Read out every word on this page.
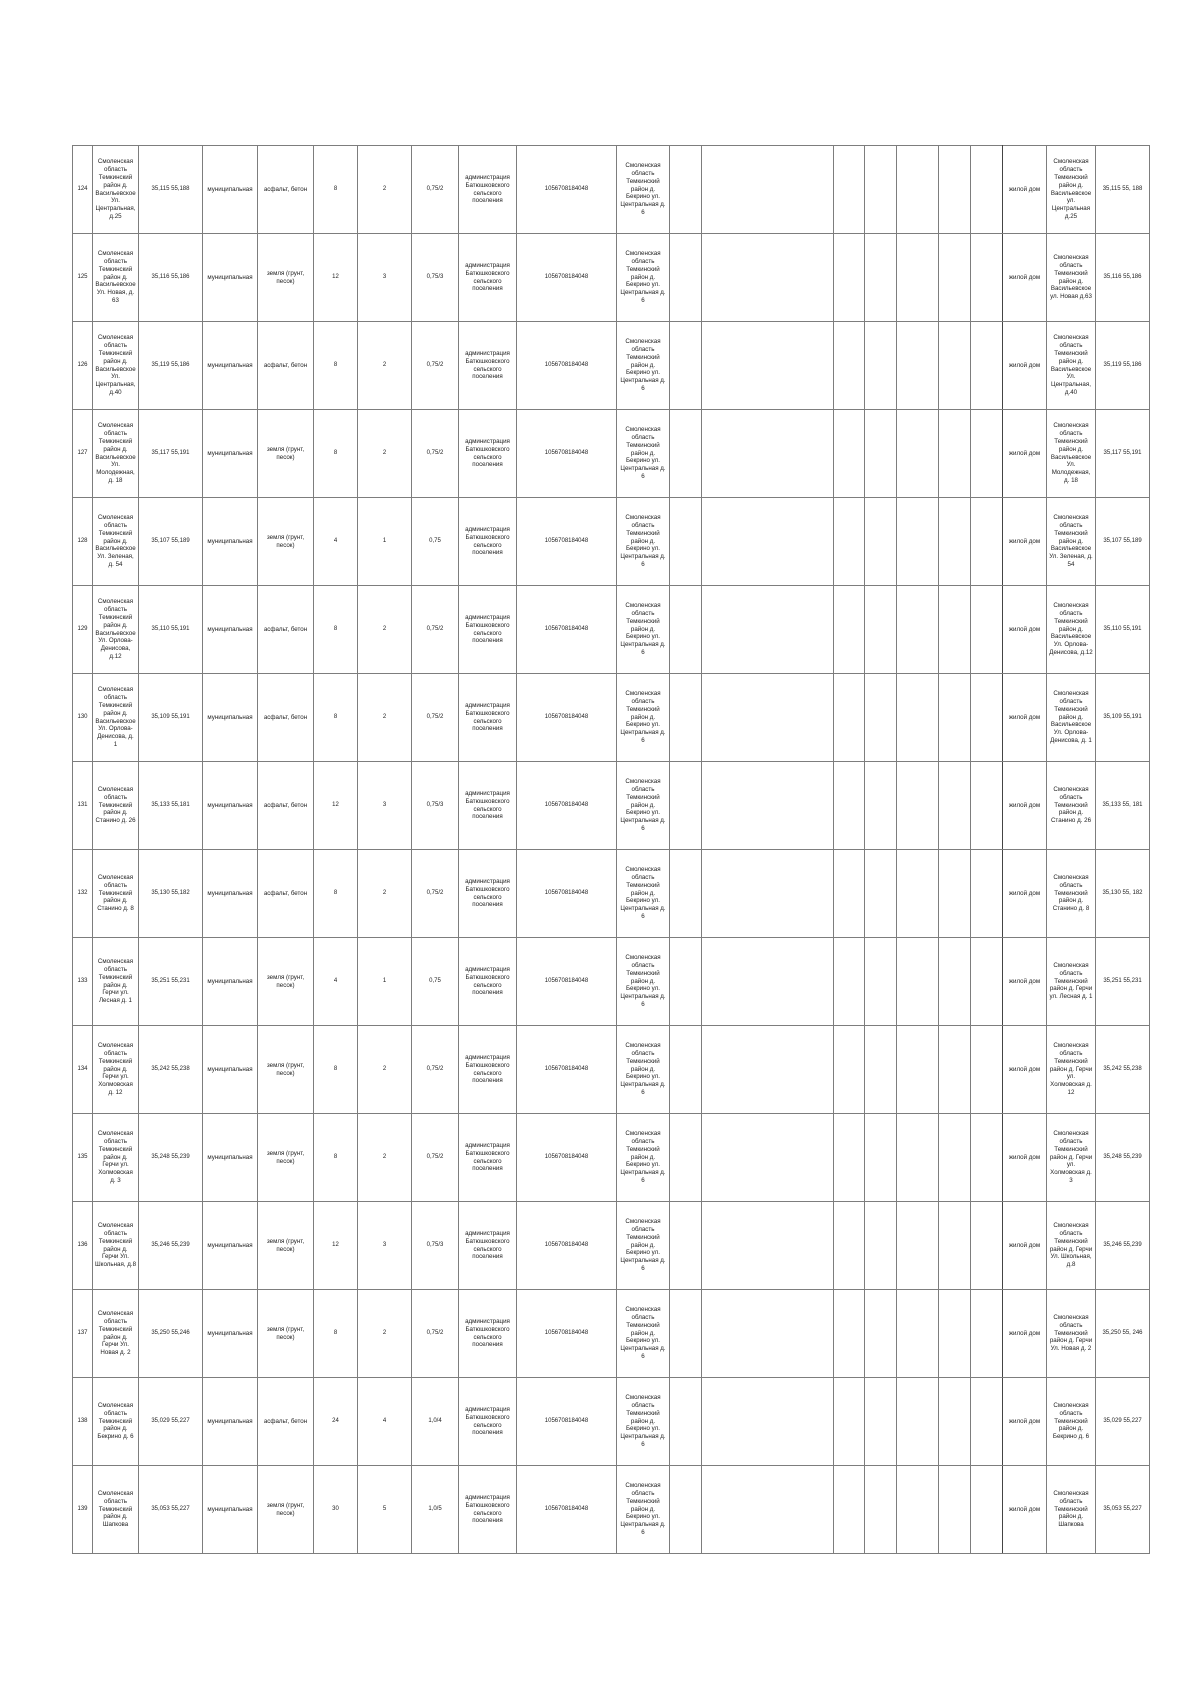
124	Смоленская область Темкинский район д. Васильевское Ул. Центральная, д.25	35,115 55,188	муниципальная	асфальт, бетон	8	2	0,75/2	администрация Батюшковского сельского поселения	1056708184048	Смоленская область Темкинский район д. Бекрино ул. Центральная д. 6								жилой дом	Смоленская область Темкинский район д. Васильевское ул. Центральная д.25	35,115 55, 188
125	Смоленская область Темкинский район д. Васильевское Ул. Новая, д. 63	35,116 55,186	муниципальная	земля (грунт, песок)	12	3	0,75/3	администрация Батюшковского сельского поселения	1056708184048	Смоленская область Темкинский район д. Бекрино ул. Центральная д. 6								жилой дом	Смоленская область Темкинский район д. Васильевское ул. Новая д.63	35,116 55,186
126	Смоленская область Темкинский район д. Васильевское Ул. Центральная, д.40	35,119 55,186	муниципальная	асфальт, бетон	8	2	0,75/2	администрация Батюшковского сельского поселения	1056708184048	Смоленская область Темкинский район д. Бекрино ул. Центральная д. 6								жилой дом	Смоленская область Темкинский район д. Васильевское Ул. Центральная, д.40	35,119 55,186
127	Смоленская область Темкинский район д. Васильевское Ул. Молодежная, д. 18	35,117 55,191	муниципальная	земля (грунт, песок)	8	2	0,75/2	администрация Батюшковского сельского поселения	1056708184048	Смоленская область Темкинский район д. Бекрино ул. Центральная д. 6								жилой дом	Смоленская область Темкинский район д. Васильевское Ул. Молодежная, д. 18	35,117 55,191
128	Смоленская область Темкинский район д. Васильевское Ул. Зеленая, д. 54	35,107 55,189	муниципальная	земля (грунт, песок)	4	1	0,75	администрация Батюшковского сельского поселения	1056708184048	Смоленская область Темкинский район д. Бекрино ул. Центральная д. 6								жилой дом	Смоленская область Темкинский район д. Васильевское Ул. Зеленая, д. 54	35,107 55,189
129	Смоленская область Темкинский район д. Васильевское Ул. Орлова-Денисова, д.12	35,110 55,191	муниципальная	асфальт, бетон	8	2	0,75/2	администрация Батюшковского сельского поселения	1056708184048	Смоленская область Темкинский район д. Бекрино ул. Центральная д. 6								жилой дом	Смоленская область Темкинский район д. Васильевское Ул. Орлова-Денисова, д.12	35,110 55,191
130	Смоленская область Темкинский район д. Васильевское Ул. Орлова-Денисова, д. 1	35,109 55,191	муниципальная	асфальт, бетон	8	2	0,75/2	администрация Батюшковского сельского поселения	1056708184048	Смоленская область Темкинский район д. Бекрино ул. Центральная д. 6								жилой дом	Смоленская область Темкинский район д. Васильевское Ул. Орлова-Денисова, д. 1	35,109 55,191
131	Смоленская область Темкинский район д. Станино д. 26	35,133 55,181	муниципальная	асфальт, бетон	12	3	0,75/3	администрация Батюшковского сельского поселения	1056708184048	Смоленская область Темкинский район д. Бекрино ул. Центральная д. 6								жилой дом	Смоленская область Темкинский район д. Станино д. 26	35,133 55, 181
132	Смоленская область Темкинский район д. Станино д. 8	35,130 55,182	муниципальная	асфальт, бетон	8	2	0,75/2	администрация Батюшковского сельского поселения	1056708184048	Смоленская область Темкинский район д. Бекрино ул. Центральная д. 6								жилой дом	Смоленская область Темкинский район д. Станино д. 8	35,130 55, 182
133	Смоленская область Темкинский район д. Герчи ул. Лесная д. 1	35,251 55,231	муниципальная	земля (грунт, песок)	4	1	0,75	администрация Батюшковского сельского поселения	1056708184048	Смоленская область Темкинский район д. Бекрино ул. Центральная д. 6								жилой дом	Смоленская область Темкинский район д. Герчи ул. Лесная д. 1	35,251 55,231
134	Смоленская область Темкинский район д. Герчи ул. Холмовская д. 12	35,242 55,238	муниципальная	земля (грунт, песок)	8	2	0,75/2	администрация Батюшковского сельского поселения	1056708184048	Смоленская область Темкинский район д. Бекрино ул. Центральная д. 6								жилой дом	Смоленская область Темкинский район д. Герчи ул. Холмовская д. 12	35,242 55,238
135	Смоленская область Темкинский район д. Герчи ул. Холмовская д. 3	35,248 55,239	муниципальная	земля (грунт, песок)	8	2	0,75/2	администрация Батюшковского сельского поселения	1056708184048	Смоленская область Темкинский район д. Бекрино ул. Центральная д. 6								жилой дом	Смоленская область Темкинский район д. Герчи ул. Холмовская д. 3	35,248 55,239
136	Смоленская область Темкинский район д. Герчи Ул. Школьная, д.8	35,246 55,239	муниципальная	земля (грунт, песок)	12	3	0,75/3	администрация Батюшковского сельского поселения	1056708184048	Смоленская область Темкинский район д. Бекрино ул. Центральная д. 6								жилой дом	Смоленская область Темкинский район д. Герчи Ул. Школьная, д.8	35,246 55,239
137	Смоленская область Темкинский район д. Герчи Ул. Новая д. 2	35,250 55,246	муниципальная	земля (грунт, песок)	8	2	0,75/2	администрация Батюшковского сельского поселения	1056708184048	Смоленская область Темкинский район д. Бекрино ул. Центральная д. 6								жилой дом	Смоленская область Темкинский район д. Герчи Ул. Новая д. 2	35,250 55, 246
138	Смоленская область Темкинский район д. Бекрино д. 6	35,029 55,227	муниципальная	асфальт, бетон	24	4	1,0/4	администрация Батюшковского сельского поселения	1056708184048	Смоленская область Темкинский район д. Бекрино ул. Центральная д. 6								жилой дом	Смоленская область Темкинский район д. Бекрино д. 6	35,029 55,227
139	Смоленская область Темкинский район д. Шапкова	35,053 55,227	муниципальная	земля (грунт, песок)	30	5	1,0/5	администрация Батюшковского сельского поселения	1056708184048	Смоленская область Темкинский район д. Бекрино ул. Центральная д. 6								жилой дом	Смоленская область Темкинский район д. Шапкова	35,053 55,227
